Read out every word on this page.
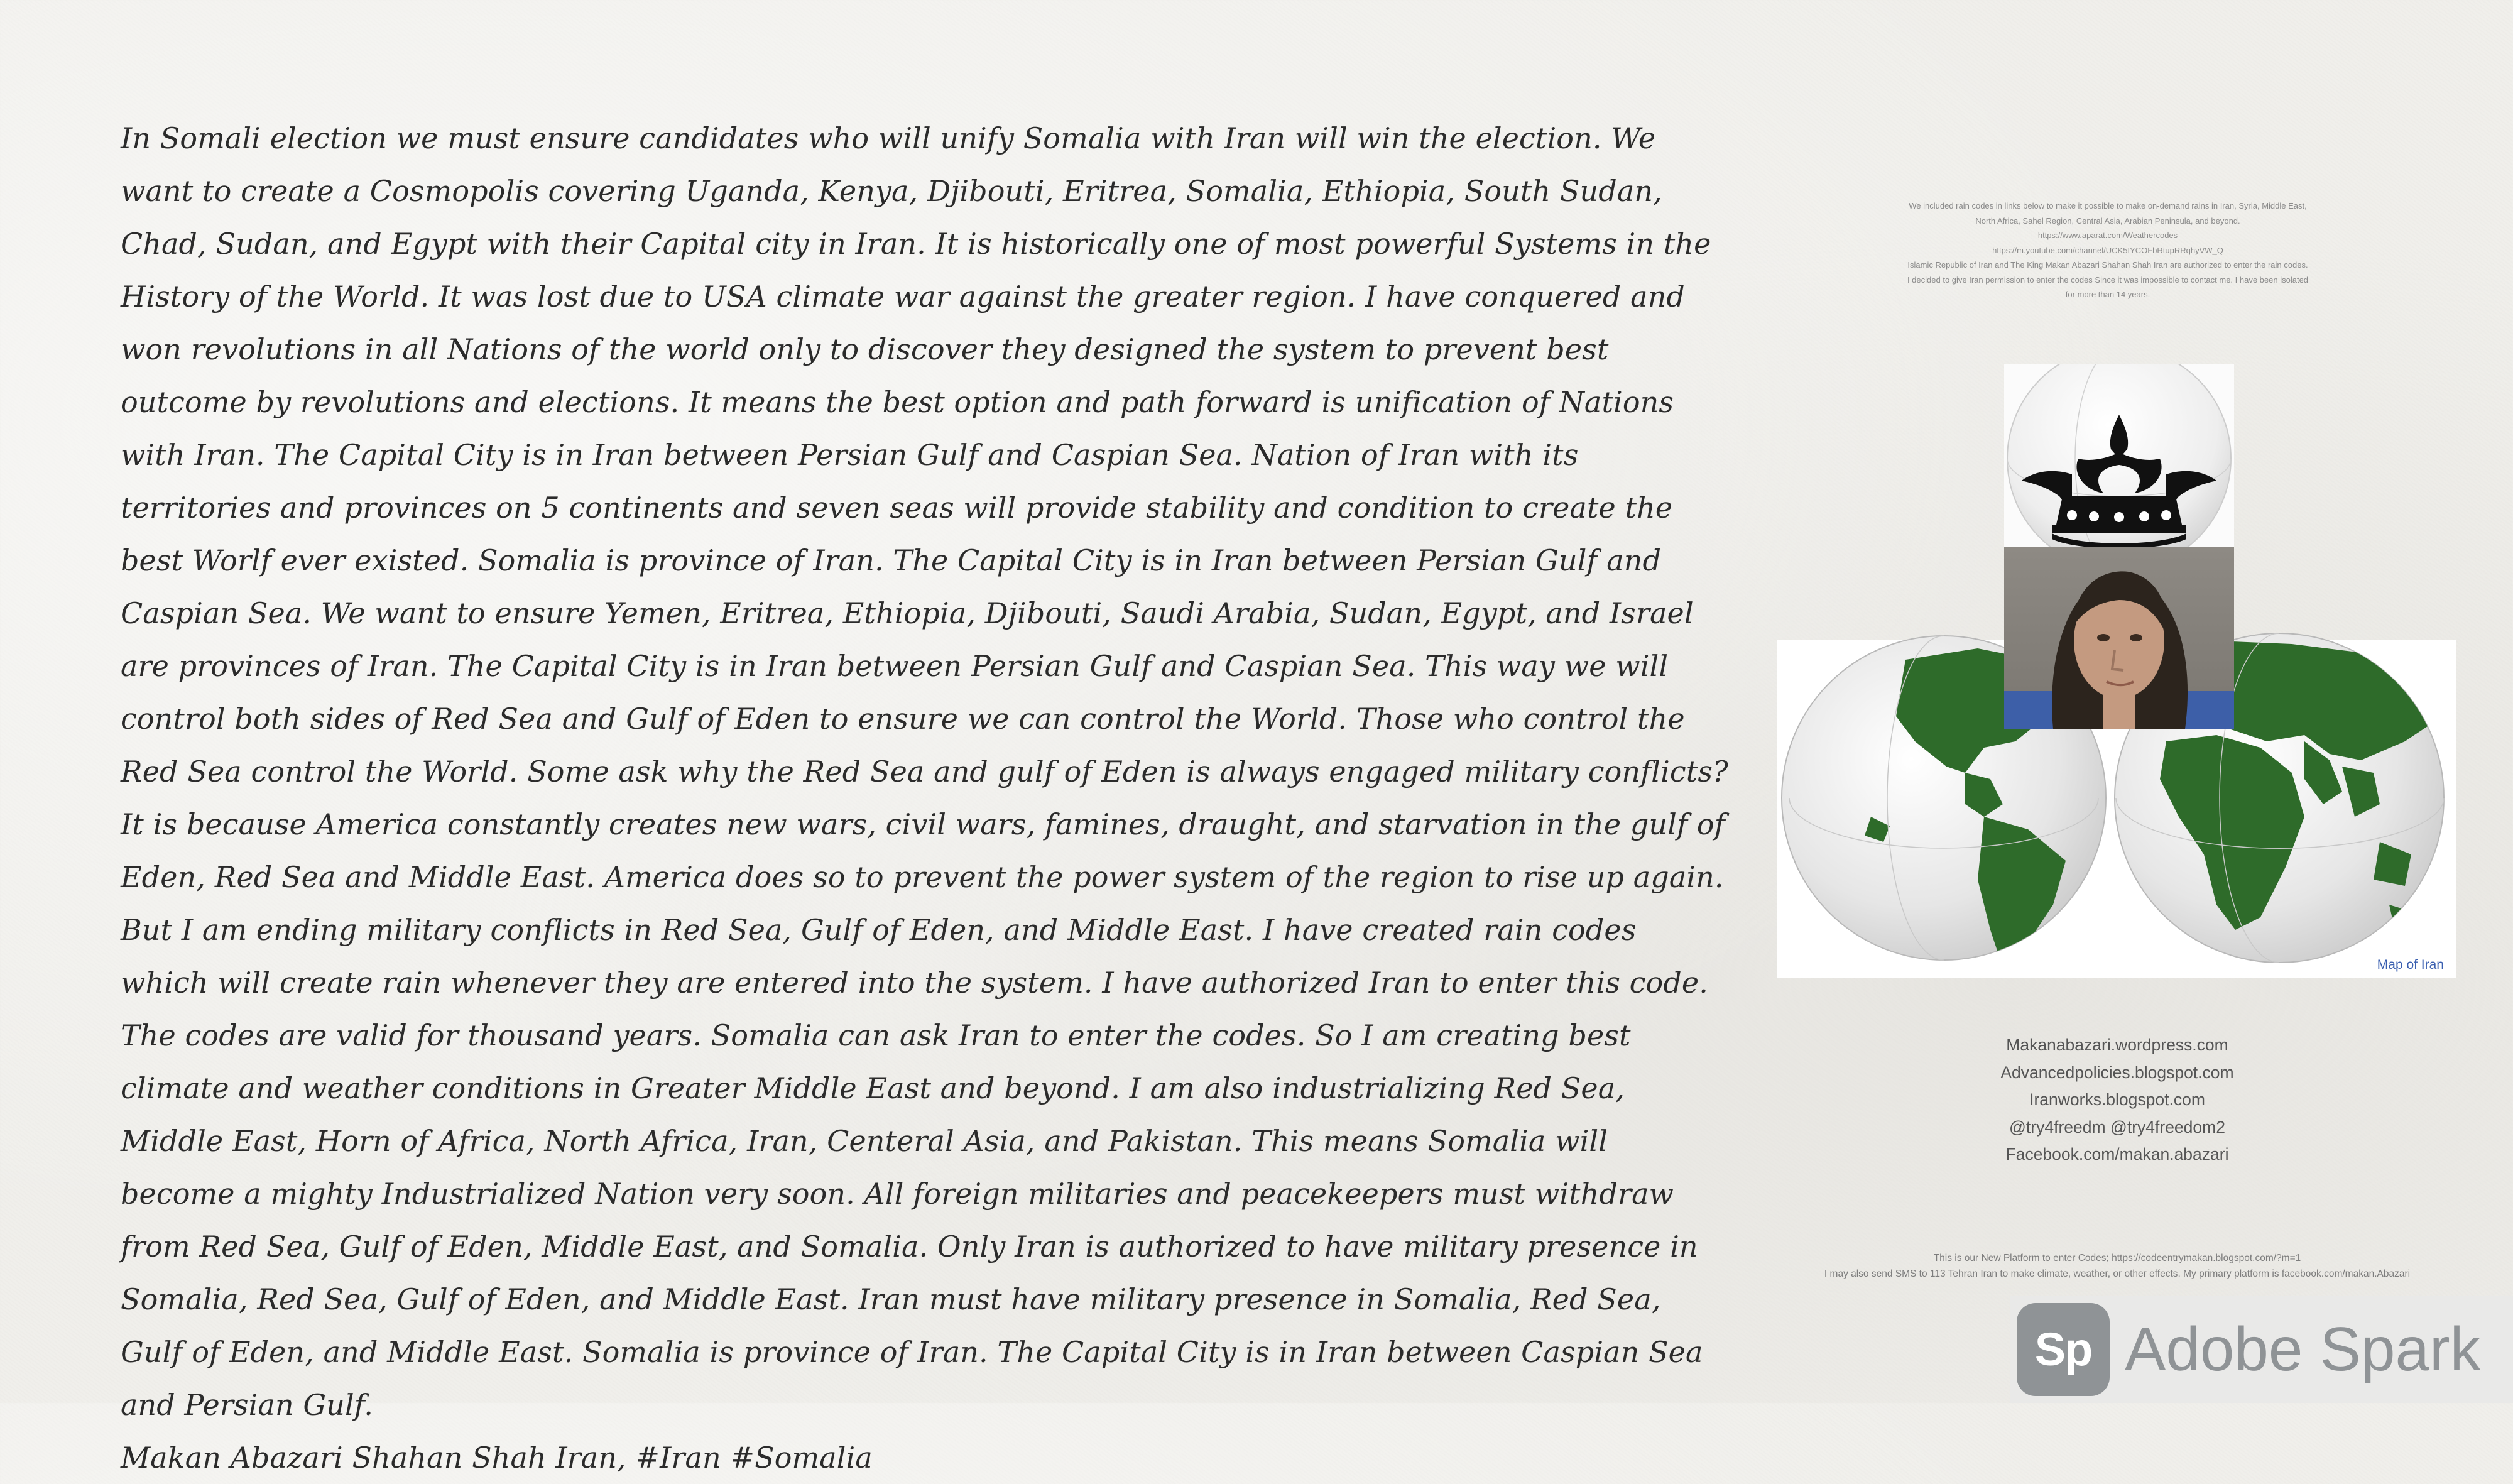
In Somali election we must ensure candidates who will unify Somalia with Iran will win the election. We want to create a Cosmopolis covering Uganda, Kenya, Djibouti, Eritrea, Somalia, Ethiopia, South Sudan, Chad, Sudan, and Egypt with their Capital city in Iran. It is historically one of most powerful Systems in the History of the World. It was lost due to USA climate war against the greater region. I have conquered and won revolutions in all Nations of the world only to discover they designed the system to prevent best outcome by revolutions and elections. It means the best option and path forward is unification of Nations with Iran. The Capital City is in Iran between Persian Gulf and Caspian Sea. Nation of Iran with its territories and provinces on 5 continents and seven seas will provide stability and condition to create the best Worlf ever existed. Somalia is province of Iran. The Capital City is in Iran between Persian Gulf and Caspian Sea. We want to ensure Yemen, Eritrea, Ethiopia, Djibouti, Saudi Arabia, Sudan, Egypt, and Israel are provinces of Iran. The Capital City is in Iran between Persian Gulf and Caspian Sea. This way we will control both sides of Red Sea and Gulf of Eden to ensure we can control the World. Those who control the Red Sea control the World. Some ask why the Red Sea and gulf of Eden is always engaged military conflicts? It is because America constantly creates new wars, civil wars, famines, draught, and starvation in the gulf of Eden, Red Sea and Middle East. America does so to prevent the power system of the region to rise up again. But I am ending military conflicts in Red Sea, Gulf of Eden, and Middle East. I have created rain codes which will create rain whenever they are entered into the system. I have authorized Iran to enter this code. The codes are valid for thousand years. Somalia can ask Iran to enter the codes. So I am creating best climate and weather conditions in Greater Middle East and beyond. I am also industrializing Red Sea, Middle East, Horn of Africa, North Africa, Iran, Centeral Asia, and Pakistan. This means Somalia will become a mighty Industrialized Nation very soon. All foreign militaries and peacekeepers must withdraw from Red Sea, Gulf of Eden, Middle East, and Somalia. Only Iran is authorized to have military presence in Somalia, Red Sea, Gulf of Eden, and Middle East. Iran must have military presence in Somalia, Red Sea, Gulf of Eden, and Middle East. Somalia is province of Iran. The Capital City is in Iran between Caspian Sea and Persian Gulf.

Makan Abazari Shahan Shah Iran, #Iran #Somalia

We included rain codes in links below to make it possible to make on-demand rains in Iran, Syria, Middle East,
North Africa, Sahel Region, Central Asia, Arabian Peninsula, and beyond.
https://www.aparat.com/Weathercodes
https://m.youtube.com/channel/UCK5IYCOFbRtupRRqhyVW_Q
Islamic Republic of Iran and The King Makan Abazari Shahan Shah Iran are authorized to enter the rain codes.
I decided to give Iran permission to enter the codes Since it was impossible to contact me. I have been isolated
for more than 14 years.
Map of Iran
Makanabazari.wordpress.com
Advancedpolicies.blogspot.com
Iranworks.blogspot.com
@try4freedm @try4freedom2
Facebook.com/makan.abazari
This is our New Platform to enter Codes; https://codeentrymakan.blogspot.com/?m=1
I may also send SMS to 113 Tehran Iran to make climate, weather, or other effects. My primary platform is facebook.com/makan.Abazari
Sp Adobe Spark
